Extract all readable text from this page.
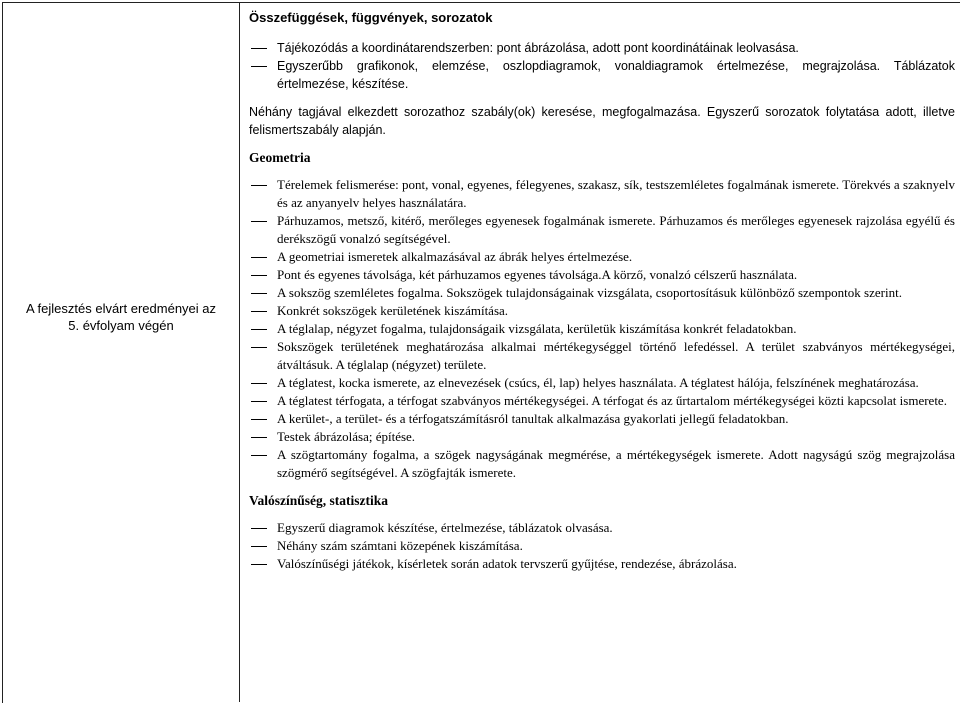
A fejlesztés elvárt eredményei az
5. évfolyam végén

Összefüggések, függvények, sorozatok

Tájékozódás a koordinátarendszerben: pont ábrázolása, adott pont koordinátáinak leolvasása.
Egyszerűbb grafikonok, elemzése, oszlopdiagramok, vonaldiagramok értelmezése, megrajzolása. Táblázatok értelmezése, készítése.

Néhány tagjával elkezdett sorozathoz szabály(ok) keresése, megfogalmazása. Egyszerű sorozatok folytatása adott, illetve felismertszabály alapján.

Geometria

Térelemek felismerése: pont, vonal, egyenes, félegyenes, szakasz, sík, testszemléletes fogalmának ismerete. Törekvés a szaknyelv és az anyanyelv helyes használatára.
Párhuzamos, metsző, kitérő, merőleges egyenesek fogalmának ismerete. Párhuzamos és merőleges egyenesek rajzolása egyélű és derékszögű vonalzó segítségével.
A geometriai ismeretek alkalmazásával az ábrák helyes értelmezése.
Pont és egyenes távolsága, két párhuzamos egyenes távolsága.A körző, vonalzó célszerű használata.
A sokszög szemléletes fogalma. Sokszögek tulajdonságainak vizsgálata, csoportosításuk különböző szempontok szerint.
Konkrét sokszögek kerületének kiszámítása.
A téglalap, négyzet fogalma, tulajdonságaik vizsgálata, kerületük kiszámítása konkrét feladatokban.
Sokszögek területének meghatározása alkalmai mértékegységgel történő lefedéssel. A terület szabványos mértékegységei, átváltásuk. A téglalap (négyzet) területe.
A téglatest, kocka ismerete, az elnevezések (csúcs, él, lap) helyes használata. A téglatest hálója, felszínének meghatározása.
A téglatest térfogata, a térfogat szabványos mértékegységei. A térfogat és az űrtartalom mértékegységei közti kapcsolat ismerete.
A kerület-, a terület- és a térfogatszámításról tanultak alkalmazása gyakorlati jellegű feladatokban.
Testek ábrázolása; építése.
A szögtartomány fogalma, a szögek nagyságának megmérése, a mértékegységek ismerete. Adott nagyságú szög megrajzolása szögmérő segítségével. A szögfajták ismerete.

Valószínűség, statisztika

Egyszerű diagramok készítése, értelmezése, táblázatok olvasása.
Néhány szám számtani közepének kiszámítása.
Valószínűségi játékok, kísérletek során adatok tervszerű gyűjtése, rendezése, ábrázolása.
